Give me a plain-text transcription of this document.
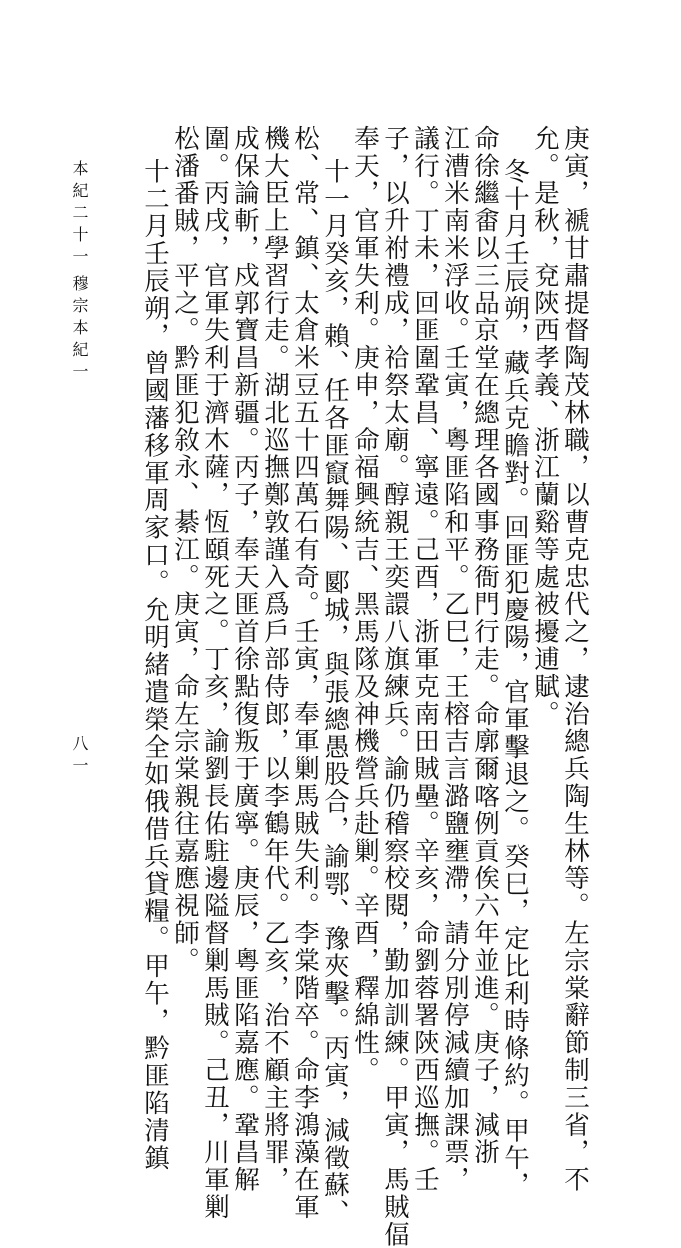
庚寅，褫甘肅提督陶茂林職，以曹克忠代之，逮治總兵陶生林等。左宗棠辭節制三省，不
允。是秋，兗陝西孝義、浙江蘭谿等處被擾逋賦。
冬十月壬辰朔，藏兵克瞻對。回匪犯慶陽，官軍擊退之。癸巳，定比利時條約。甲午，
命徐繼畬以三品京堂在總理各國事務衙門行走。命廓爾喀例貢俟六年並進。庚子，減浙
江漕米南米浮收。壬寅，粵匪陷和平。乙巳，王榕吉言潞鹽壅滯，請分別停減續加課票，
議行。丁未，回匪圍鞏昌、寧遠。己酉，浙軍克南田賊壘。辛亥，命劉蓉署陝西巡撫。壬
子，以升祔禮成，祫祭太廟。醇親王奕譞八旗練兵。諭仍稽察校閱，勤加訓練。甲寅，馬賊偪
奉天，官軍失利。庚申，命福興統吉、黑馬隊及神機營兵赴剿。辛酉，釋綿性。
十一月癸亥，賴、任各匪竄舞陽、郾城，與張總愚股合，諭鄂、豫夾擊。丙寅，減徵蘇、
松、常、鎮、太倉米豆五十四萬石有奇。壬寅，奉軍剿馬賊失利。李棠階卒。命李鴻藻在軍
機大臣上學習行走。湖北巡撫鄭敦謹入爲戶部侍郎，以李鶴年代。乙亥，治不顧主將罪，
成保論斬，戍郭寶昌新疆。丙子，奉天匪首徐點復叛于廣寧。庚辰，粵匪陷嘉應。鞏昌解
圍。丙戌，官軍失利于濟木薩，恆頤死之。丁亥，諭劉長佑駐邊隘督剿馬賊。己丑，川軍剿
松潘番賊，平之。黔匪犯敘永、綦江。庚寅，命左宗棠親往嘉應視師。
十二月壬辰朔，曾國藩移軍周家口。允明緒遣榮全如俄借兵貸糧。甲午，黔匪陷清鎮
本紀二十一
穆宗本紀一
八一
